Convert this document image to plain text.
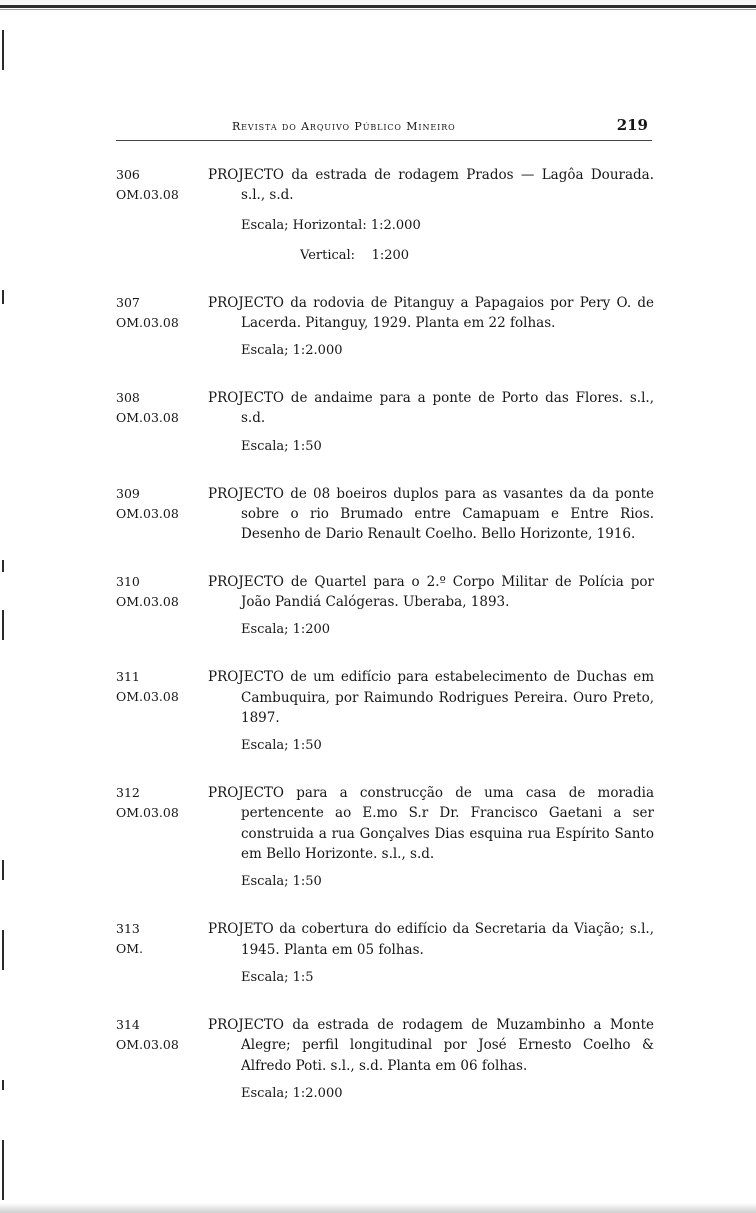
Revista do Arquivo Público Mineiro	219
306
OM.03.08
PROJECTO da estrada de rodagem Prados — Lagôa Dourada. s.l., s.d.
Escala; Horizontal: 1:2.000
Vertical:    1:200
307
OM.03.08
PROJECTO da rodovia de Pitanguy a Papagaios por Pery O. de Lacerda. Pitanguy, 1929. Planta em 22 folhas.
Escala; 1:2.000
308
OM.03.08
PROJECTO de andaime para a ponte de Porto das Flores. s.l., s.d.
Escala; 1:50
309
OM.03.08
PROJECTO de 08 boeiros duplos para as vasantes da da ponte sobre o rio Brumado entre Camapuam e Entre Rios. Desenho de Dario Renault Coelho. Bello Horizonte, 1916.
310
OM.03.08
PROJECTO de Quartel para o 2.º Corpo Militar de Polícia por João Pandiá Calógeras. Uberaba, 1893.
Escala; 1:200
311
OM.03.08
PROJECTO de um edifício para estabelecimento de Duchas em Cambuquira, por Raimundo Rodrigues Pereira. Ouro Preto, 1897.
Escala; 1:50
312
OM.03.08
PROJECTO para a construcção de uma casa de moradia pertencente ao E.mo S.r Dr. Francisco Gaetani a ser construida a rua Gonçalves Dias esquina rua Espírito Santo em Bello Horizonte. s.l., s.d.
Escala; 1:50
313
OM.
PROJETO da cobertura do edifício da Secretaria da Viação; s.l., 1945. Planta em 05 folhas.
Escala; 1:5
314
OM.03.08
PROJECTO da estrada de rodagem de Muzambinho a Monte Alegre; perfil longitudinal por José Ernesto Coelho & Alfredo Poti. s.l., s.d. Planta em 06 folhas.
Escala; 1:2.000
